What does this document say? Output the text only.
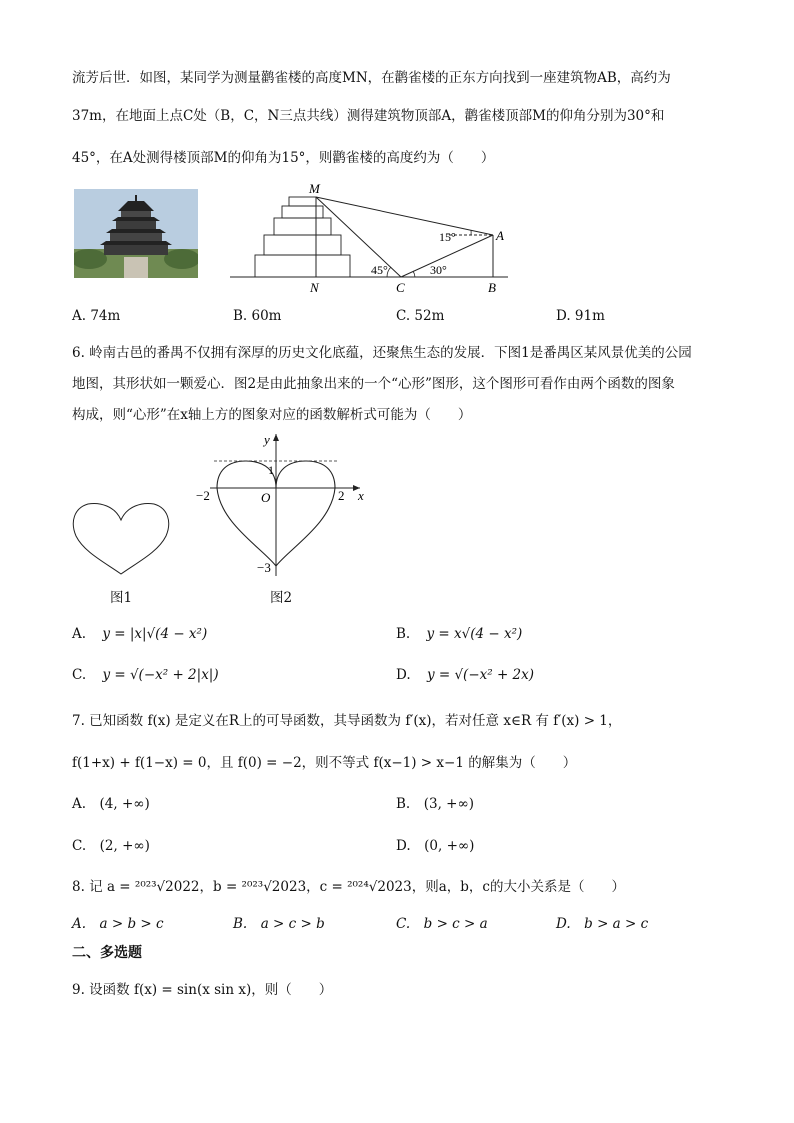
流芳后世．如图，某同学为测量鹳雀楼的高度MN，在鹳雀楼的正东方向找到一座建筑物AB，高约为
37m，在地面上点C处（B，C，N三点共线）测得建筑物顶部A，鹳雀楼顶部M的仰角分别为30°和
45°，在A处测得楼顶部M的仰角为15°，则鹳雀楼的高度约为（　　）
M
A
N	C	B
15°
45°	30°
A. 74m	B. 60m	C. 52m	D. 91m
6. 岭南古邑的番禺不仅拥有深厚的历史文化底蕴，还聚焦生态的发展．下图1是番禺区某风景优美的公园
地图，其形状如一颗爱心．图2是由此抽象出来的一个“心形”图形，这个图形可看作由两个函数的图象
构成，则“心形”在x轴上方的图象对应的函数解析式可能为（　　）
图1
y
x
O
1
−2	2
−3
图2
A. y = |x|√(4 − x²)	B. y = x√(4 − x²)
C. y = √(−x² + 2|x|)	D. y = √(−x² + 2x)
7. 已知函数 f(x) 是定义在R上的可导函数，其导函数为 f′(x)，若对任意 x∈R 有 f′(x) > 1，
f(1+x) + f(1−x) = 0，且 f(0) = −2，则不等式 f(x−1) > x−1 的解集为（　　）
A.　(4, +∞)	B.　(3, +∞)
C.　(2, +∞)	D.　(0, +∞)
8. 记 a = ²⁰²³√2022，b = ²⁰²³√2023，c = ²⁰²⁴√2023，则a，b，c的大小关系是（　　）
A.　a > b > c	B.　a > c > b	C.　b > c > a	D.　b > a > c
二、多选题
9. 设函数 f(x) = sin(x sin x)，则（　　）
